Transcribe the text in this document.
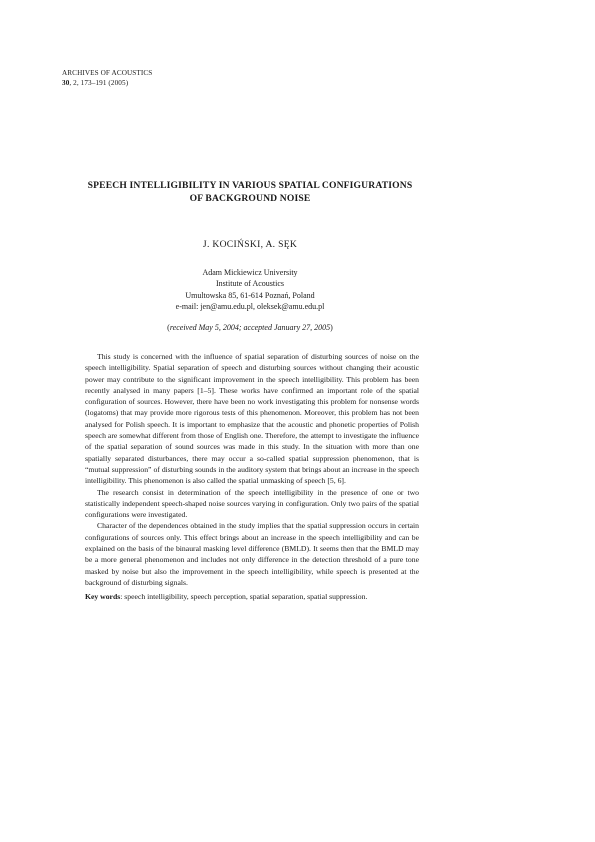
ARCHIVES OF ACOUSTICS
30, 2, 173–191 (2005)
SPEECH INTELLIGIBILITY IN VARIOUS SPATIAL CONFIGURATIONS
OF BACKGROUND NOISE
J. KOCIŃSKI, A. SĘK
Adam Mickiewicz University
Institute of Acoustics
Umultowska 85, 61-614 Poznań, Poland
e-mail: jen@amu.edu.pl, oleksek@amu.edu.pl
(received May 5, 2004; accepted January 27, 2005)

This study is concerned with the influence of spatial separation of disturbing sources of noise on the speech intelligibility. Spatial separation of speech and disturbing sources without changing their acoustic power may contribute to the significant improvement in the speech intelligibility. This problem has been recently analysed in many papers [1–5]. These works have confirmed an important role of the spatial configuration of sources. However, there have been no work investigating this problem for nonsense words (logatoms) that may provide more rigorous tests of this phenomenon. Moreover, this problem has not been analysed for Polish speech. It is important to emphasize that the acoustic and phonetic properties of Polish speech are somewhat different from those of English one. Therefore, the attempt to investigate the influence of the spatial separation of sound sources was made in this study. In the situation with more than one spatially separated disturbances, there may occur a so-called spatial suppression phenomenon, that is “mutual suppression” of disturbing sounds in the auditory system that brings about an increase in the speech intelligibility. This phenomenon is also called the spatial unmasking of speech [5, 6].

The research consist in determination of the speech intelligibility in the presence of one or two statistically independent speech-shaped noise sources varying in configuration. Only two pairs of the spatial configurations were investigated.

Character of the dependences obtained in the study implies that the spatial suppression occurs in certain configurations of sources only. This effect brings about an increase in the speech intelligibility and can be explained on the basis of the binaural masking level difference (BMLD). It seems then that the BMLD may be a more general phenomenon and includes not only difference in the detection threshold of a pure tone masked by noise but also the improvement in the speech intelligibility, while speech is presented at the background of disturbing signals.

Key words: speech intelligibility, speech perception, spatial separation, spatial suppression.
